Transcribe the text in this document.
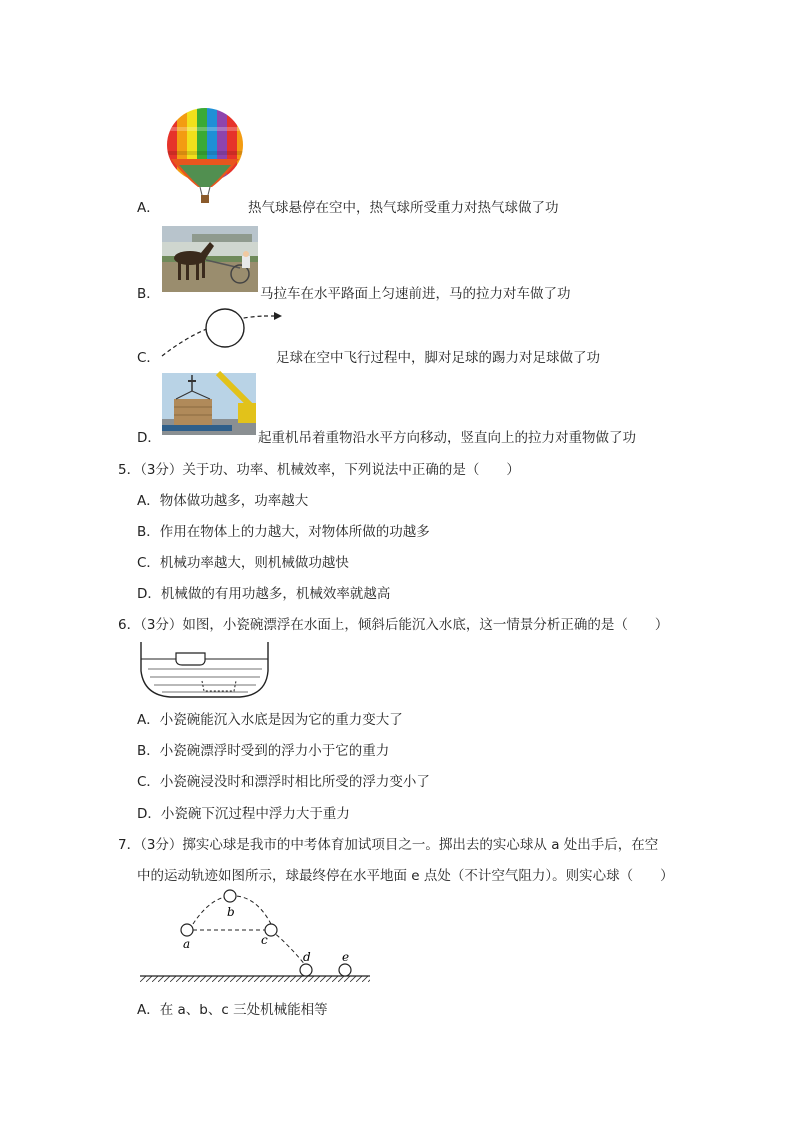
A．	热气球悬停在空中，热气球所受重力对热气球做了功
B．	马拉车在水平路面上匀速前进，马的拉力对车做了功
C．	足球在空中飞行过程中，脚对足球的踢力对足球做了功
D．	起重机吊着重物沿水平方向移动，竖直向上的拉力对重物做了功
5．（3分）关于功、功率、机械效率，下列说法中正确的是（　　）
A．物体做功越多，功率越大
B．作用在物体上的力越大，对物体所做的功越多
C．机械功率越大，则机械做功越快
D．机械做的有用功越多，机械效率就越高
6．（3分）如图，小瓷碗漂浮在水面上，倾斜后能沉入水底，这一情景分析正确的是（　　）
A．小瓷碗能沉入水底是因为它的重力变大了
B．小瓷碗漂浮时受到的浮力小于它的重力
C．小瓷碗浸没时和漂浮时相比所受的浮力变小了
D．小瓷碗下沉过程中浮力大于重力
7．（3分）掷实心球是我市的中考体育加试项目之一。掷出去的实心球从 a 处出手后，在空
中的运动轨迹如图所示，球最终停在水平地面 e 点处（不计空气阻力）。则实心球（　　）
a
b
c
d	e
A．在 a、b、c 三处机械能相等
